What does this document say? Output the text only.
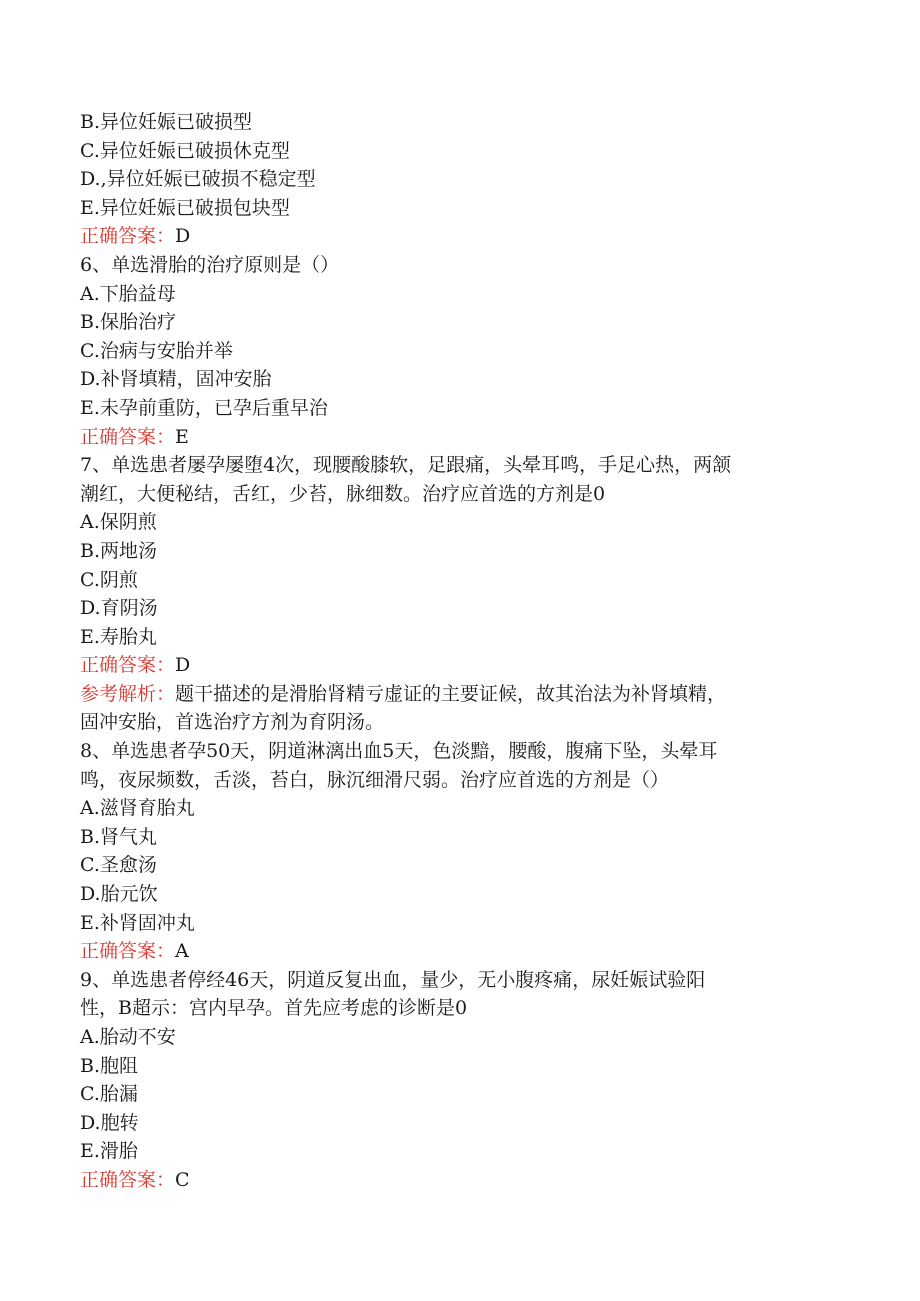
B.异位妊娠已破损型
C.异位妊娠已破损休克型
D.,异位妊娠已破损不稳定型
E.异位妊娠已破损包块型
正确答案：D
6、单选滑胎的治疗原则是（）
A.下胎益母
B.保胎治疗
C.治病与安胎并举
D.补肾填精，固冲安胎
E.未孕前重防，已孕后重早治
正确答案：E
7、单选患者屡孕屡堕4次，现腰酸膝软，足跟痛，头晕耳鸣，手足心热，两颔
潮红，大便秘结，舌红，少苔，脉细数。治疗应首选的方剂是0
A.保阴煎
B.两地汤
C.阴煎
D.育阴汤
E.寿胎丸
正确答案：D
参考解析：题干描述的是滑胎肾精亏虚证的主要证候，故其治法为补肾填精，
固冲安胎，首选治疗方剂为育阴汤。
8、单选患者孕50天，阴道淋漓出血5天，色淡黯，腰酸，腹痛下坠，头晕耳
鸣，夜尿频数，舌淡，苔白，脉沉细滑尺弱。治疗应首选的方剂是（）
A.滋肾育胎丸
B.肾气丸
C.圣愈汤
D.胎元饮
E.补肾固冲丸
正确答案：A
9、单选患者停经46天，阴道反复出血，量少，无小腹疼痛，尿妊娠试验阳
性，B超示：宫内早孕。首先应考虑的诊断是0
A.胎动不安
B.胞阻
C.胎漏
D.胞转
E.滑胎
正确答案：C
